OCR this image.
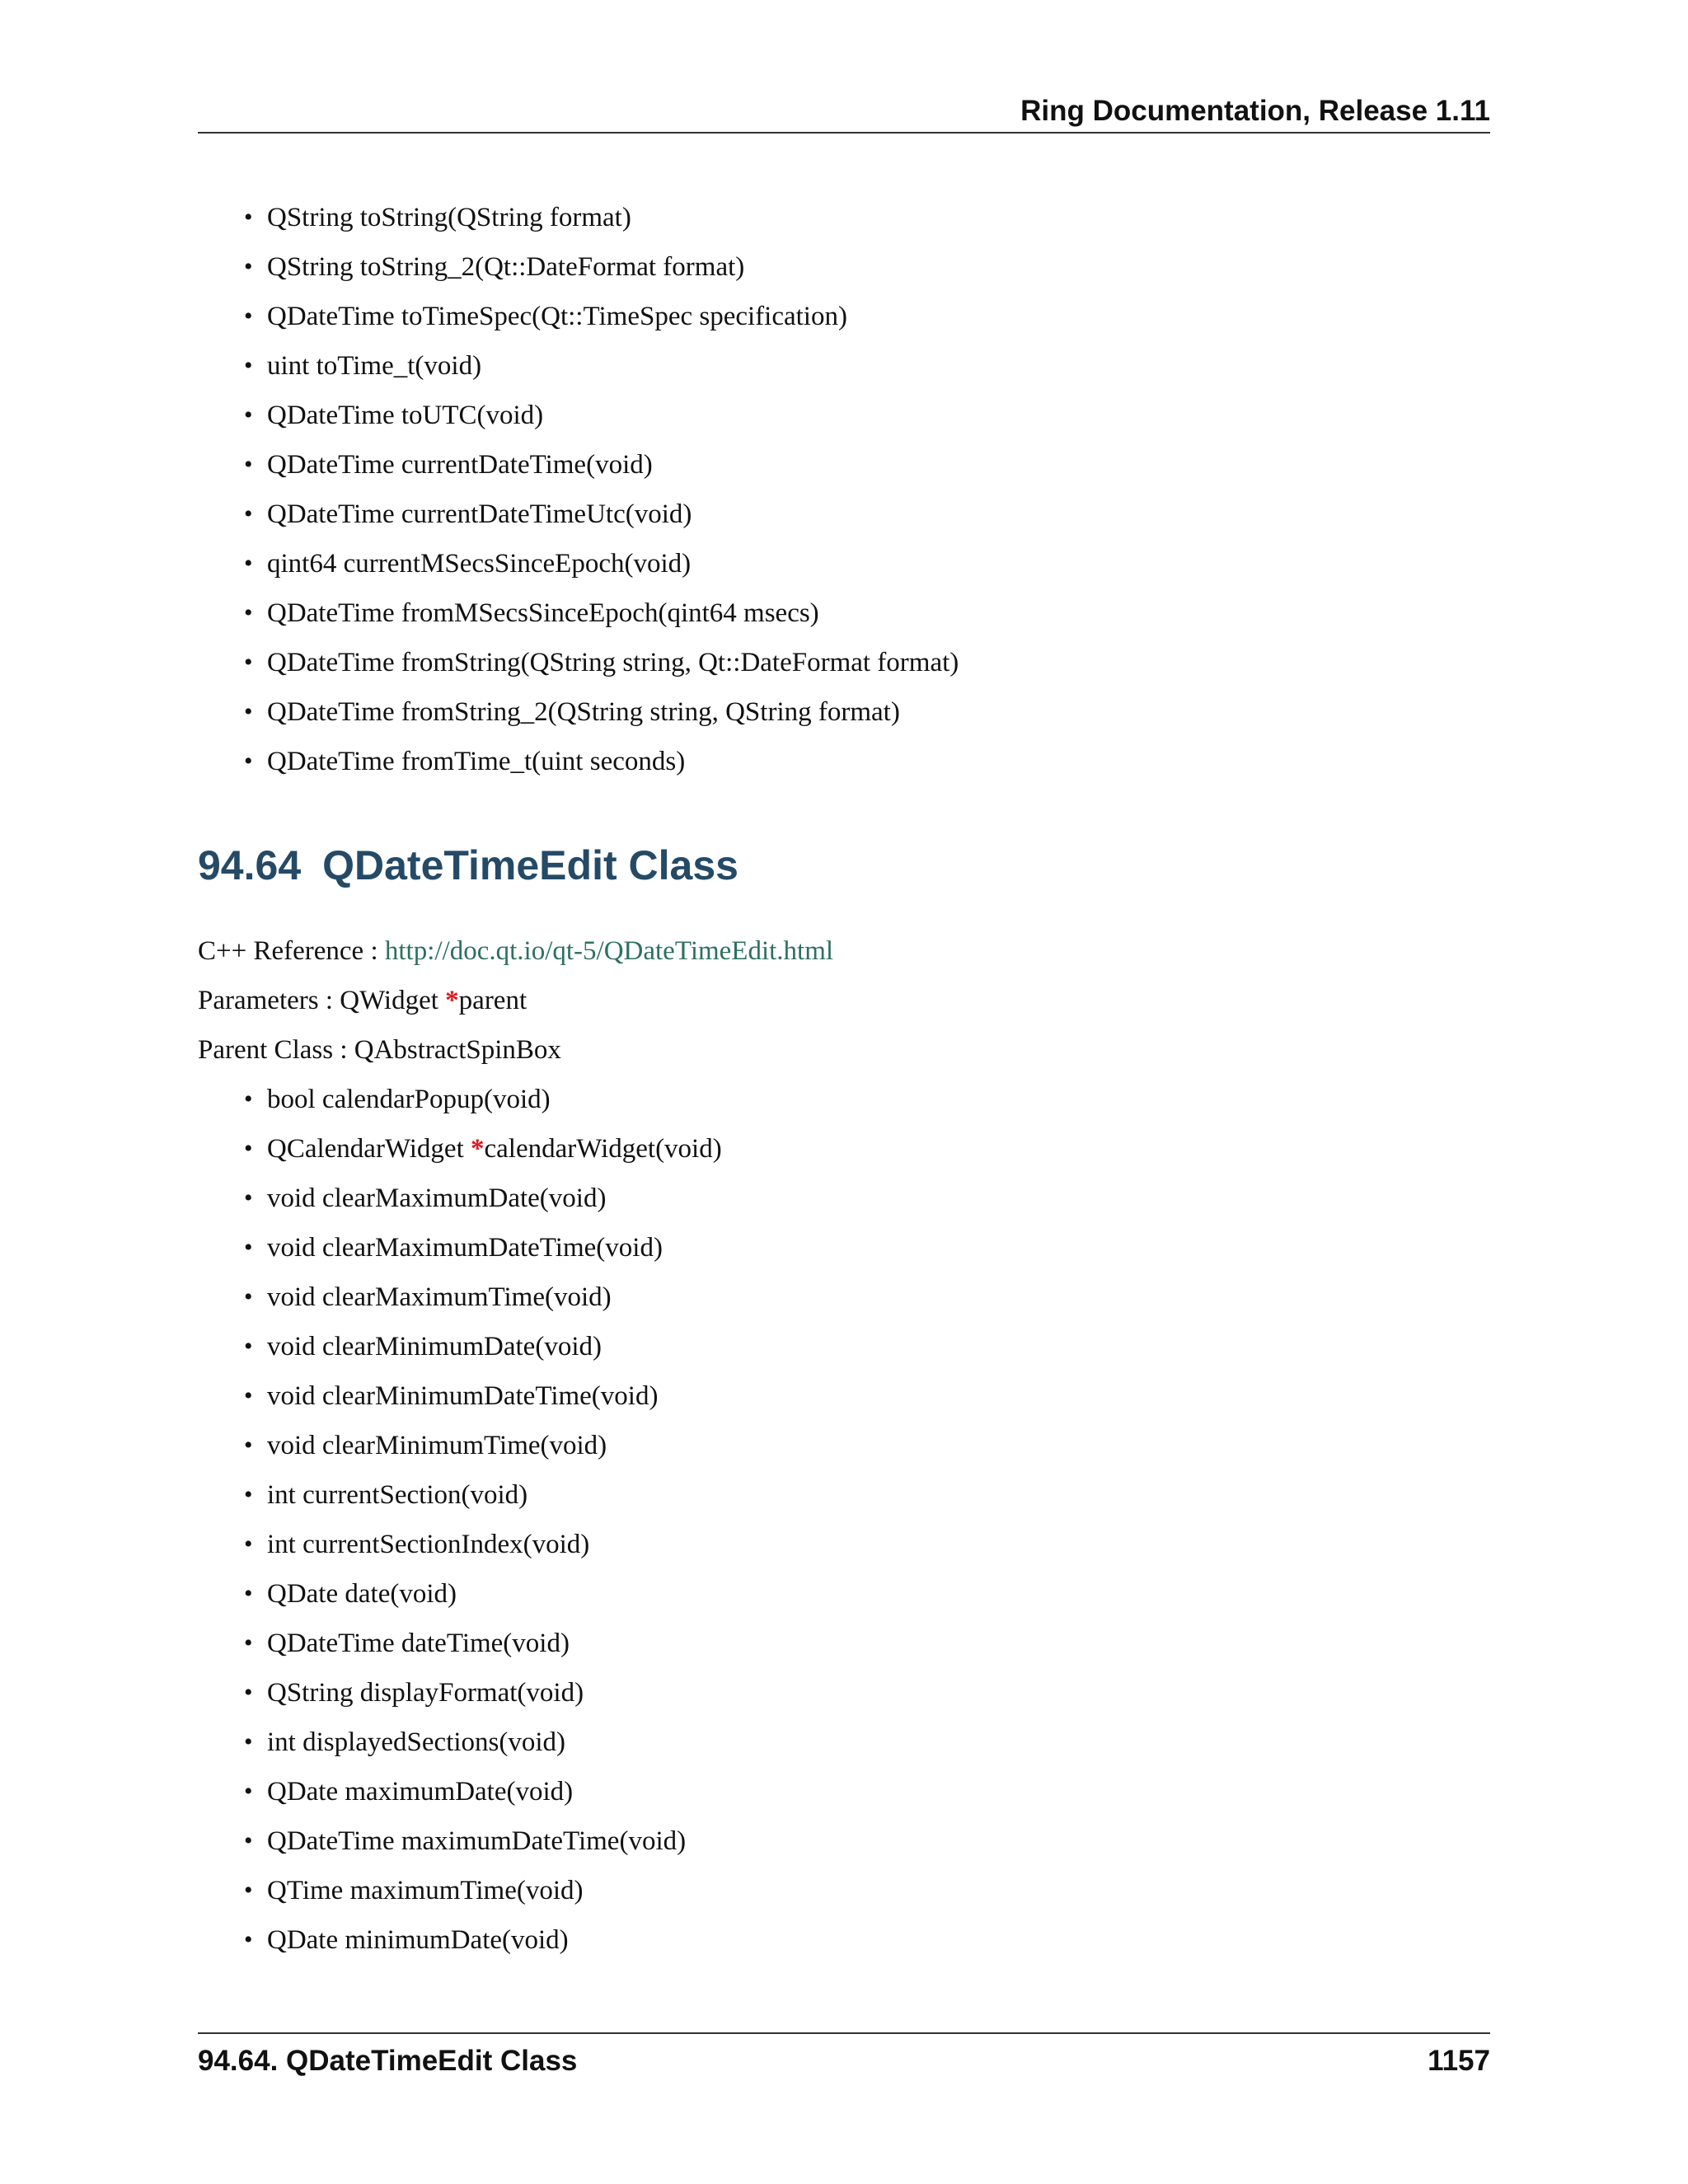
Ring Documentation, Release 1.11
• QString toString(QString format)
• QString toString_2(Qt::DateFormat format)
• QDateTime toTimeSpec(Qt::TimeSpec specification)
• uint toTime_t(void)
• QDateTime toUTC(void)
• QDateTime currentDateTime(void)
• QDateTime currentDateTimeUtc(void)
• qint64 currentMSecsSinceEpoch(void)
• QDateTime fromMSecsSinceEpoch(qint64 msecs)
• QDateTime fromString(QString string, Qt::DateFormat format)
• QDateTime fromString_2(QString string, QString format)
• QDateTime fromTime_t(uint seconds)
94.64 QDateTimeEdit Class
C++ Reference : http://doc.qt.io/qt-5/QDateTimeEdit.html
Parameters : QWidget *parent
Parent Class : QAbstractSpinBox
• bool calendarPopup(void)
• QCalendarWidget *calendarWidget(void)
• void clearMaximumDate(void)
• void clearMaximumDateTime(void)
• void clearMaximumTime(void)
• void clearMinimumDate(void)
• void clearMinimumDateTime(void)
• void clearMinimumTime(void)
• int currentSection(void)
• int currentSectionIndex(void)
• QDate date(void)
• QDateTime dateTime(void)
• QString displayFormat(void)
• int displayedSections(void)
• QDate maximumDate(void)
• QDateTime maximumDateTime(void)
• QTime maximumTime(void)
• QDate minimumDate(void)
94.64. QDateTimeEdit Class	1157
